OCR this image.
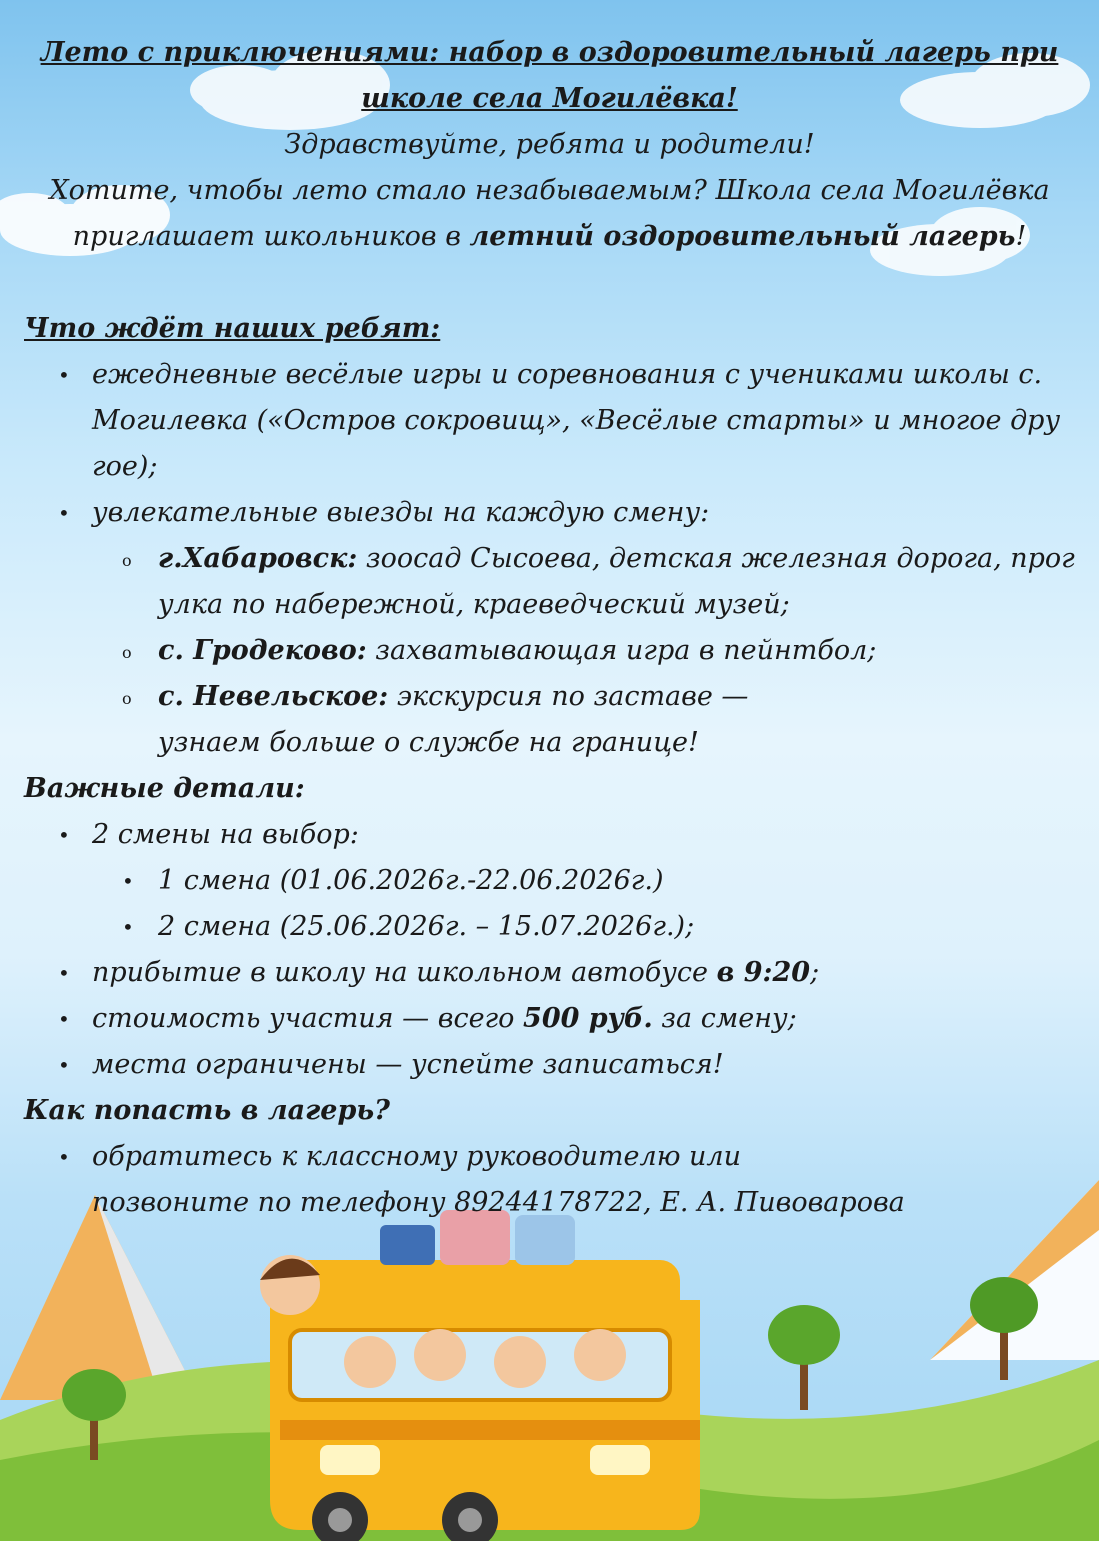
Лето с приключениями: набор в оздоровительный лагерь при школе села Могилёвка!
Здравствуйте, ребята и родители!
Хотите, чтобы лето стало незабываемым? Школа села Могилёвка приглашает школьников в летний оздоровительный лагерь!
Что ждёт наших ребят:
• ежедневные весёлые игры и соревнования с учениками школы с. Могилевка («Остров сокровищ», «Весёлые старты» и многое дру гое);
• увлекательные выезды на каждую смену:
o г.Хабаровск: зоосад Сысоева, детская железная дорога, прог улка по набережной, краеведческий музей;
o с. Гродеково: захватывающая игра в пейнтбол;
o с. Невельское: экскурсия по заставе — узнаем больше о службе на границе!
Важные детали:
• 2 смены на выбор:
• 1 смена (01.06.2026г.-22.06.2026г.)
• 2 смена (25.06.2026г. – 15.07.2026г.);
• прибытие в школу на школьном автобусе в 9:20;
• стоимость участия — всего 500 руб. за смену;
• места ограничены — успейте записаться!
Как попасть в лагерь?
• обратитесь к классному руководителю или
позвоните по телефону 89244178722, Е. А. Пивоварова
